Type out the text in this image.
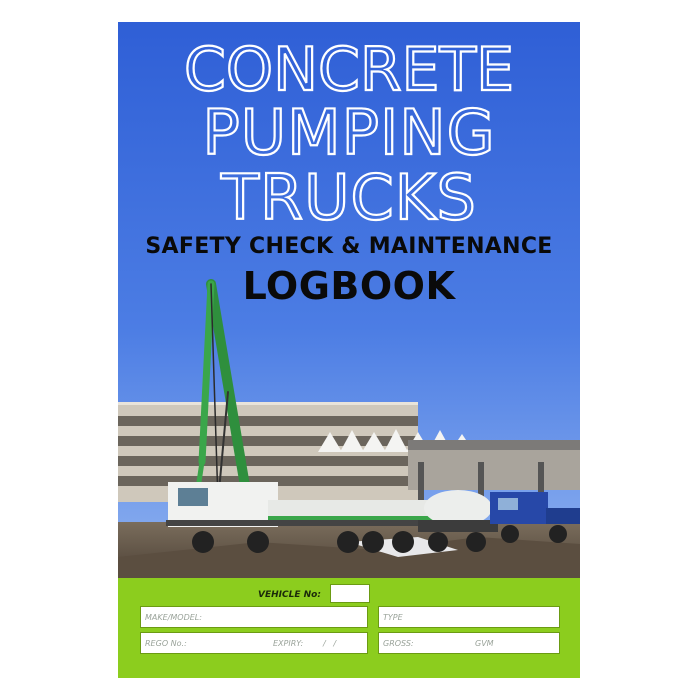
CONCRETE
PUMPING
TRUCKS
SAFETY CHECK & MAINTENANCE
LOGBOOK
VEHICLE No:
MAKE/MODEL:	TYPE
REGO No.:	EXPIRY: /   /	GROSS:	GVM
